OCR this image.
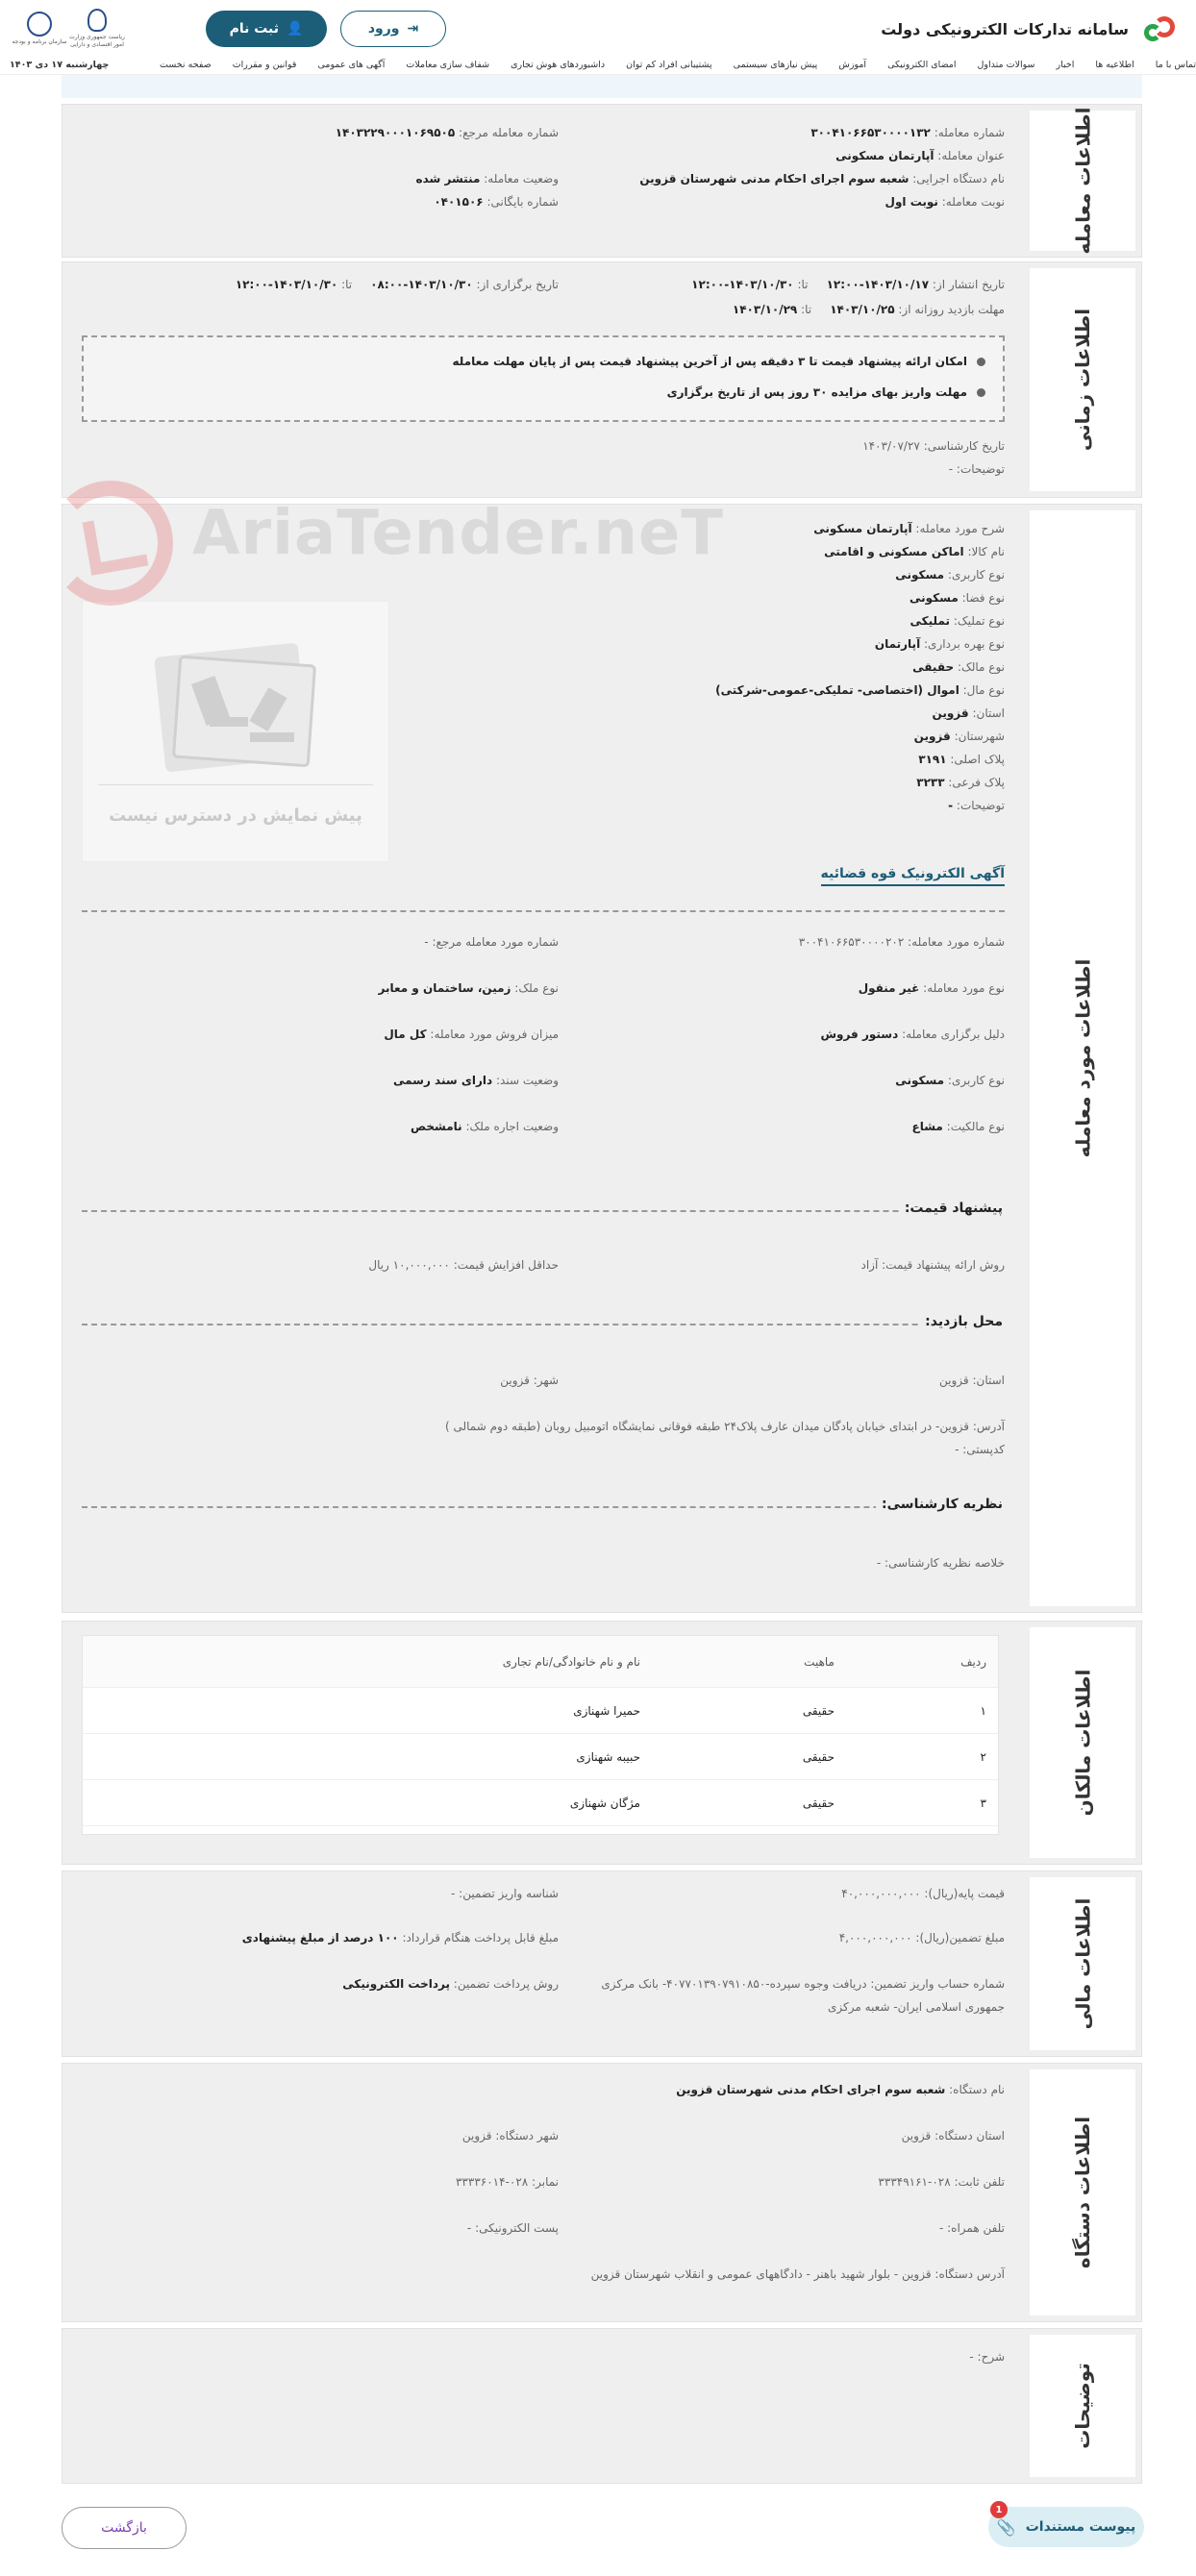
سامانه تدارکات الکترونیکی دولت
⇥
ورود
👤
ثبت نام
ریاست جمهوری وزارت امور اقتصادی و دارایی
سازمان برنامه و بودجه
تماس با ما
اطلاعیه ها
اخبار
سوالات متداول
امضای الکترونیکی
آموزش
پیش نیازهای سیستمی
پشتیبانی افراد کم توان
داشبوردهای هوش تجاری
شفاف سازی معاملات
آگهی های عمومی
قوانین و مقررات
صفحه نخست
چهارشنبه ۱۷ دی ۱۴۰۳
اطلاعات معامله
شماره معامله: ۳۰۰۴۱۰۶۶۵۳۰۰۰۰۱۳۲
شماره معامله مرجع: ۱۴۰۳۲۲۹۰۰۰۱۰۶۹۵۰۵
عنوان معامله: آپارتمان مسکونی
نام دستگاه اجرایی: شعبه سوم اجرای احکام مدنی شهرستان قزوین
وضعیت معامله: منتشر شده
نوبت معامله: نوبت اول
شماره بایگانی: ۰۴۰۱۵۰۶
اطلاعات زمانی
تاریخ انتشار از: ۱۴۰۳/۱۰/۱۷-۱۲:۰۰     تا: ۱۴۰۳/۱۰/۳۰-۱۲:۰۰
تاریخ برگزاری از: ۱۴۰۳/۱۰/۳۰-۰۸:۰۰     تا: ۱۴۰۳/۱۰/۳۰-۱۲:۰۰
مهلت بازدید روزانه از: ۱۴۰۳/۱۰/۲۵     تا: ۱۴۰۳/۱۰/۲۹
امکان ارائه پیشنهاد قیمت تا ۳ دقیقه پس از آخرین پیشنهاد قیمت پس از پایان مهلت معامله
مهلت واریز بهای مزایده ۳۰ روز پس از تاریخ برگزاری
تاریخ کارشناسی: ۱۴۰۳/۰۷/۲۷
توضیحات: -
اطلاعات مورد معامله
شرح مورد معامله: آپارتمان مسکونی
نام کالا: اماکن مسکونی و اقامتی
نوع کاربری: مسکونی
نوع فضا: مسکونی
نوع تملیک: تملیکی
نوع بهره برداری: آپارتمان
نوع مالک: حقیقی
نوع مال: اموال (اختصاصی- تملیکی-عمومی-شرکتی)
استان: قزوین
شهرستان: قزوین
پلاک اصلی: ۳۱۹۱
پلاک فرعی: ۳۲۳۳
توضیحات: -
پیش نمایش در دسترس نیست
آگهی الکترونیک قوه قضائیه
شماره مورد معامله: ۳۰۰۴۱۰۶۶۵۳۰۰۰۰۲۰۲
شماره مورد معامله مرجع: -
نوع مورد معامله: غیر منقول
نوع ملک: زمین، ساختمان و معابر
دلیل برگزاری معامله: دستور فروش
میزان فروش مورد معامله: کل مال
نوع کاربری: مسکونی
وضعیت سند: دارای سند رسمی
نوع مالکیت: مشاع
وضعیت اجاره ملک: نامشخص
پیشنهاد قیمت:
روش ارائه پیشنهاد قیمت: آزاد
حداقل افزایش قیمت: ۱۰,۰۰۰,۰۰۰ ریال
محل بازدید:
استان: قزوین
شهر: قزوین
آدرس: قزوین- در ابتدای خیابان پادگان میدان عارف پلاک۲۴ طبقه فوقانی نمایشگاه اتومبیل روبان (طبقه دوم شمالی )
کدپستی: -
نظریه کارشناسی:
خلاصه نظریه کارشناسی: -
AriaTender.neT
اطلاعات مالکان
ردیف
ماهیت
نام و نام خانوادگی/نام تجاری
۱
حقیقی
حمیرا شهنازی
۲
حقیقی
حبیبه شهنازی
۳
حقیقی
مژگان شهنازی
اطلاعات مالی
قیمت پایه(ریال): ۴۰,۰۰۰,۰۰۰,۰۰۰
شناسه واریز تضمین: -
مبلغ تضمین(ریال): ۴,۰۰۰,۰۰۰,۰۰۰
مبلغ قابل پرداخت هنگام قرارداد: ۱۰۰ درصد از مبلغ پیشنهادی
شماره حساب واریز تضمین: دریافت وجوه سپرده-۴۰۷۷۰۱۳۹۰۷۹۱۰۸۵۰- بانک مرکزی
جمهوری اسلامی ایران- شعبه مرکزی
روش پرداخت تضمین: پرداخت الکترونیکی
اطلاعات دستگاه
نام دستگاه: شعبه سوم اجرای احکام مدنی شهرستان قزوین
استان دستگاه: قزوین
شهر دستگاه: قزوین
تلفن ثابت: ۰۲۸-۳۳۳۴۹۱۶۱
نمابر: ۰۲۸-۳۳۳۳۶۰۱۴
تلفن همراه: -
پست الکترونیکی: -
آدرس دستگاه: قزوین - بلوار شهید باهنر - دادگاههای عمومی و انقلاب شهرستان قزوین
توضیحات
شرح: -
پیوست مستندات
📎
1
بازگشت
